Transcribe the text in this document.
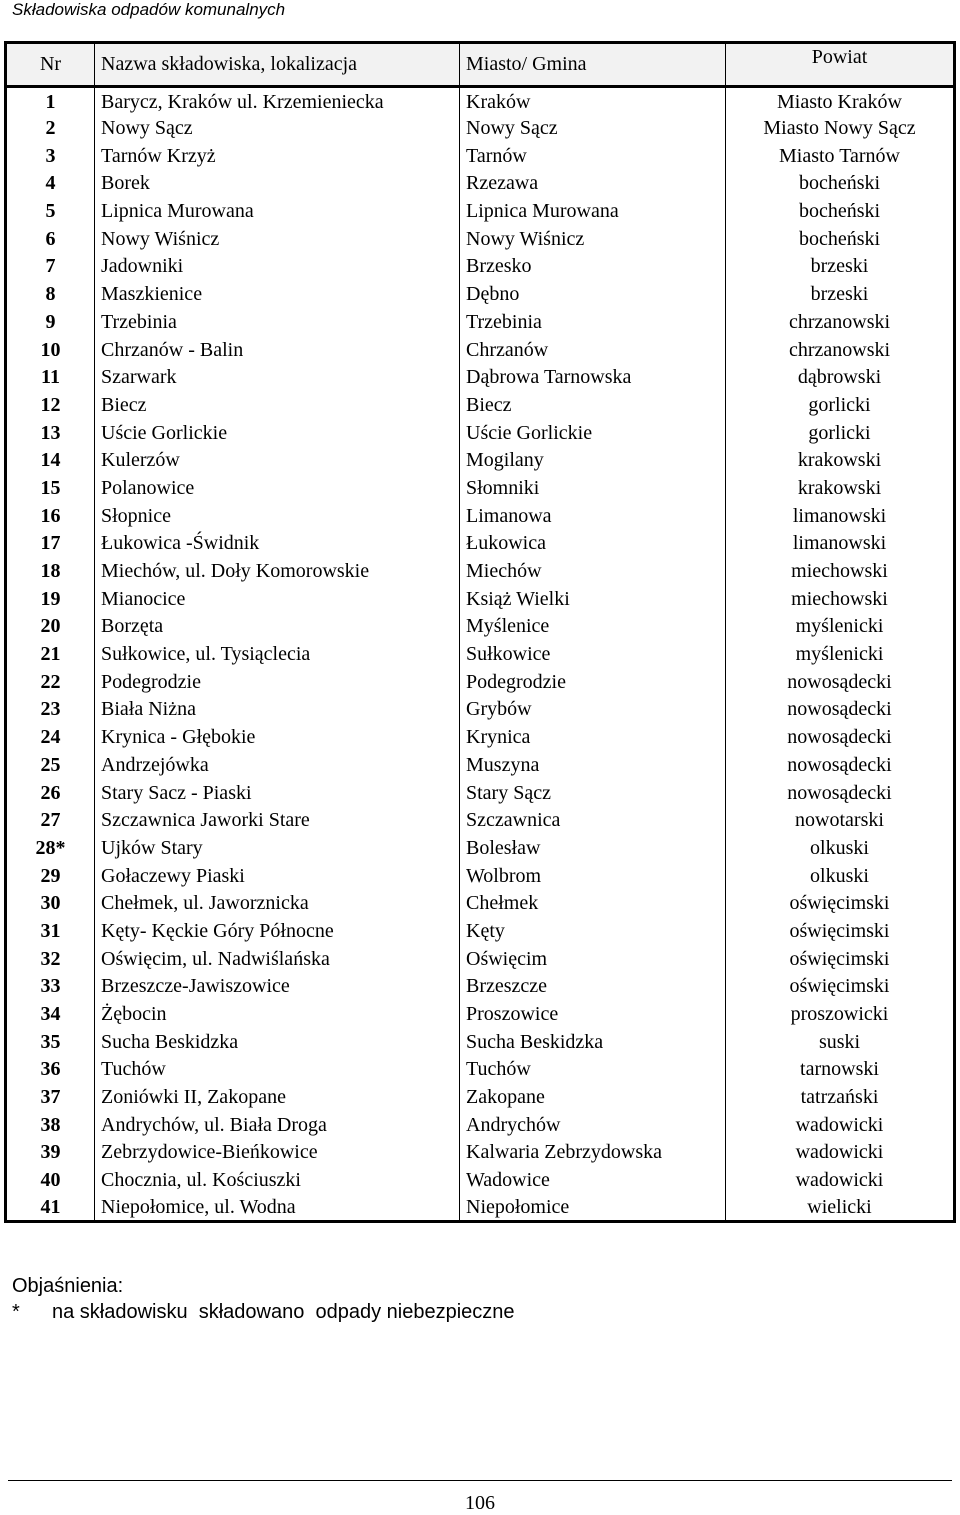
Składowiska odpadów komunalnych
Nr	Nazwa składowiska, lokalizacja	Miasto/ Gmina	Powiat
1	Barycz, Kraków ul. Krzemieniecka	Kraków	Miasto Kraków
2	Nowy Sącz	Nowy Sącz	Miasto Nowy Sącz
3	Tarnów Krzyż	Tarnów	Miasto Tarnów
4	Borek	Rzezawa	bocheński
5	Lipnica Murowana	Lipnica Murowana	bocheński
6	Nowy Wiśnicz	Nowy Wiśnicz	bocheński
7	Jadowniki	Brzesko	brzeski
8	Maszkienice	Dębno	brzeski
9	Trzebinia	Trzebinia	chrzanowski
10	Chrzanów - Balin	Chrzanów	chrzanowski
11	Szarwark	Dąbrowa Tarnowska	dąbrowski
12	Biecz	Biecz	gorlicki
13	Uście Gorlickie	Uście Gorlickie	gorlicki
14	Kulerzów	Mogilany	krakowski
15	Polanowice	Słomniki	krakowski
16	Słopnice	Limanowa	limanowski
17	Łukowica -Świdnik	Łukowica	limanowski
18	Miechów, ul. Doły Komorowskie	Miechów	miechowski
19	Mianocice	Książ Wielki	miechowski
20	Borzęta	Myślenice	myślenicki
21	Sułkowice, ul. Tysiąclecia	Sułkowice	myślenicki
22	Podegrodzie	Podegrodzie	nowosądecki
23	Biała Niżna	Grybów	nowosądecki
24	Krynica - Głębokie	Krynica	nowosądecki
25	Andrzejówka	Muszyna	nowosądecki
26	Stary Sacz - Piaski	Stary Sącz	nowosądecki
27	Szczawnica Jaworki Stare	Szczawnica	nowotarski
28*	Ujków Stary	Bolesław	olkuski
29	Gołaczewy Piaski	Wolbrom	olkuski
30	Chełmek, ul. Jaworznicka	Chełmek	oświęcimski
31	Kęty- Kęckie Góry Północne	Kęty	oświęcimski
32	Oświęcim, ul. Nadwiślańska	Oświęcim	oświęcimski
33	Brzeszcze-Jawiszowice	Brzeszcze	oświęcimski
34	Żębocin	Proszowice	proszowicki
35	Sucha Beskidzka	Sucha Beskidzka	suski
36	Tuchów	Tuchów	tarnowski
37	Zoniówki II, Zakopane	Zakopane	tatrzański
38	Andrychów, ul. Biała Droga	Andrychów	wadowicki
39	Zebrzydowice-Bieńkowice	Kalwaria Zebrzydowska	wadowicki
40	Chocznia, ul. Kościuszki	Wadowice	wadowicki
41	Niepołomice, ul. Wodna	Niepołomice	wielicki
Objaśnienia:
* na składowisku  składowano  odpady niebezpieczne
106
